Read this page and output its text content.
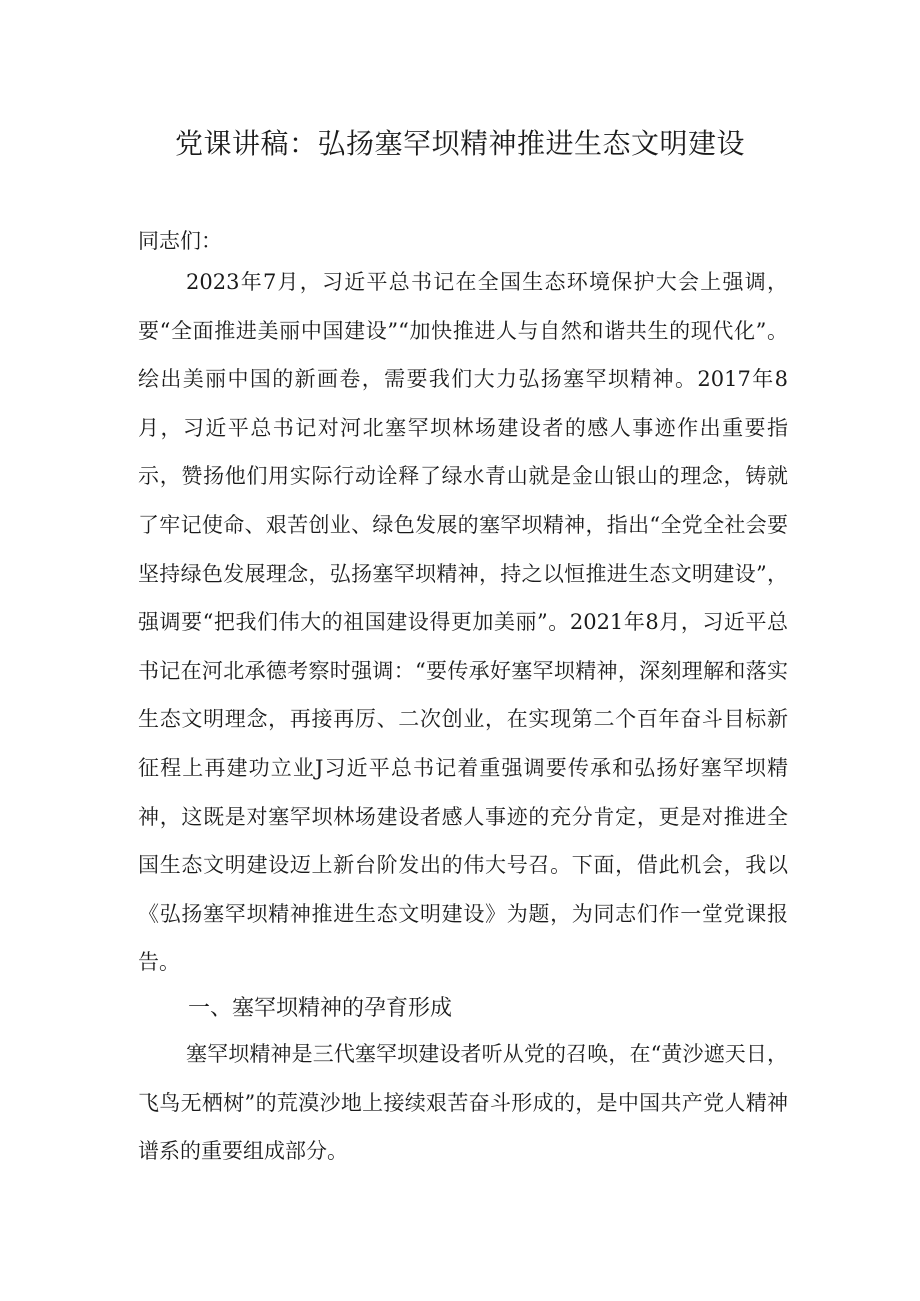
党课讲稿：弘扬塞罕坝精神推进生态文明建设
同志们：

2023年7月，习近平总书记在全国生态环境保护大会上强调，要“全面推进美丽中国建设”“加快推进人与自然和谐共生的现代化”。绘出美丽中国的新画卷，需要我们大力弘扬塞罕坝精神。2017年8月，习近平总书记对河北塞罕坝林场建设者的感人事迹作出重要指示，赞扬他们用实际行动诠释了绿水青山就是金山银山的理念，铸就了牢记使命、艰苦创业、绿色发展的塞罕坝精神，指出“全党全社会要坚持绿色发展理念，弘扬塞罕坝精神，持之以恒推进生态文明建设”，强调要“把我们伟大的祖国建设得更加美丽”。2021年8月，习近平总书记在河北承德考察时强调：“要传承好塞罕坝精神，深刻理解和落实生态文明理念，再接再厉、二次创业，在实现第二个百年奋斗目标新征程上再建功立业J习近平总书记着重强调要传承和弘扬好塞罕坝精神，这既是对塞罕坝林场建设者感人事迹的充分肯定，更是对推进全国生态文明建设迈上新台阶发出的伟大号召。下面，借此机会，我以《弘扬塞罕坝精神推进生态文明建设》为题，为同志们作一堂党课报告。

一、塞罕坝精神的孕育形成

塞罕坝精神是三代塞罕坝建设者听从党的召唤，在“黄沙遮天日，飞鸟无栖树”的荒漠沙地上接续艰苦奋斗形成的，是中国共产党人精神谱系的重要组成部分。
